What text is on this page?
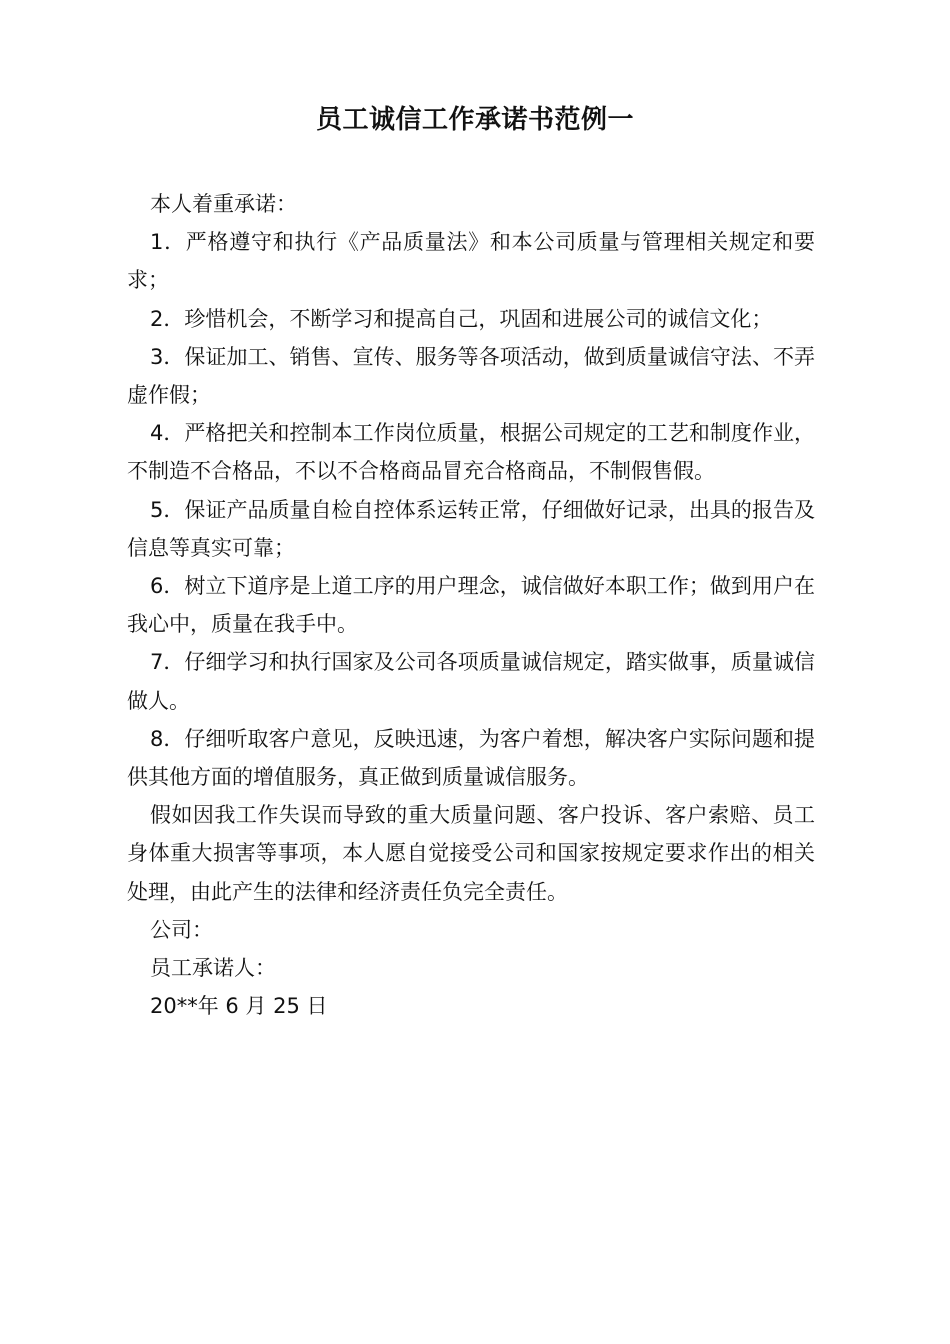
员工诚信工作承诺书范例一

本人着重承诺：

1．严格遵守和执行《产品质量法》和本公司质量与管理相关规定和要求；

2．珍惜机会，不断学习和提高自己，巩固和进展公司的诚信文化；

3．保证加工、销售、宣传、服务等各项活动，做到质量诚信守法、不弄虚作假；

4．严格把关和控制本工作岗位质量，根据公司规定的工艺和制度作业，不制造不合格品，不以不合格商品冒充合格商品，不制假售假。

5．保证产品质量自检自控体系运转正常，仔细做好记录，出具的报告及信息等真实可靠；

6．树立下道序是上道工序的用户理念，诚信做好本职工作；做到用户在我心中，质量在我手中。

7．仔细学习和执行国家及公司各项质量诚信规定，踏实做事，质量诚信做人。

8．仔细听取客户意见，反映迅速，为客户着想，解决客户实际问题和提供其他方面的增值服务，真正做到质量诚信服务。

假如因我工作失误而导致的重大质量问题、客户投诉、客户索赔、员工身体重大损害等事项，本人愿自觉接受公司和国家按规定要求作出的相关处理，由此产生的法律和经济责任负完全责任。

公司：

员工承诺人：

20**年 6 月 25 日
